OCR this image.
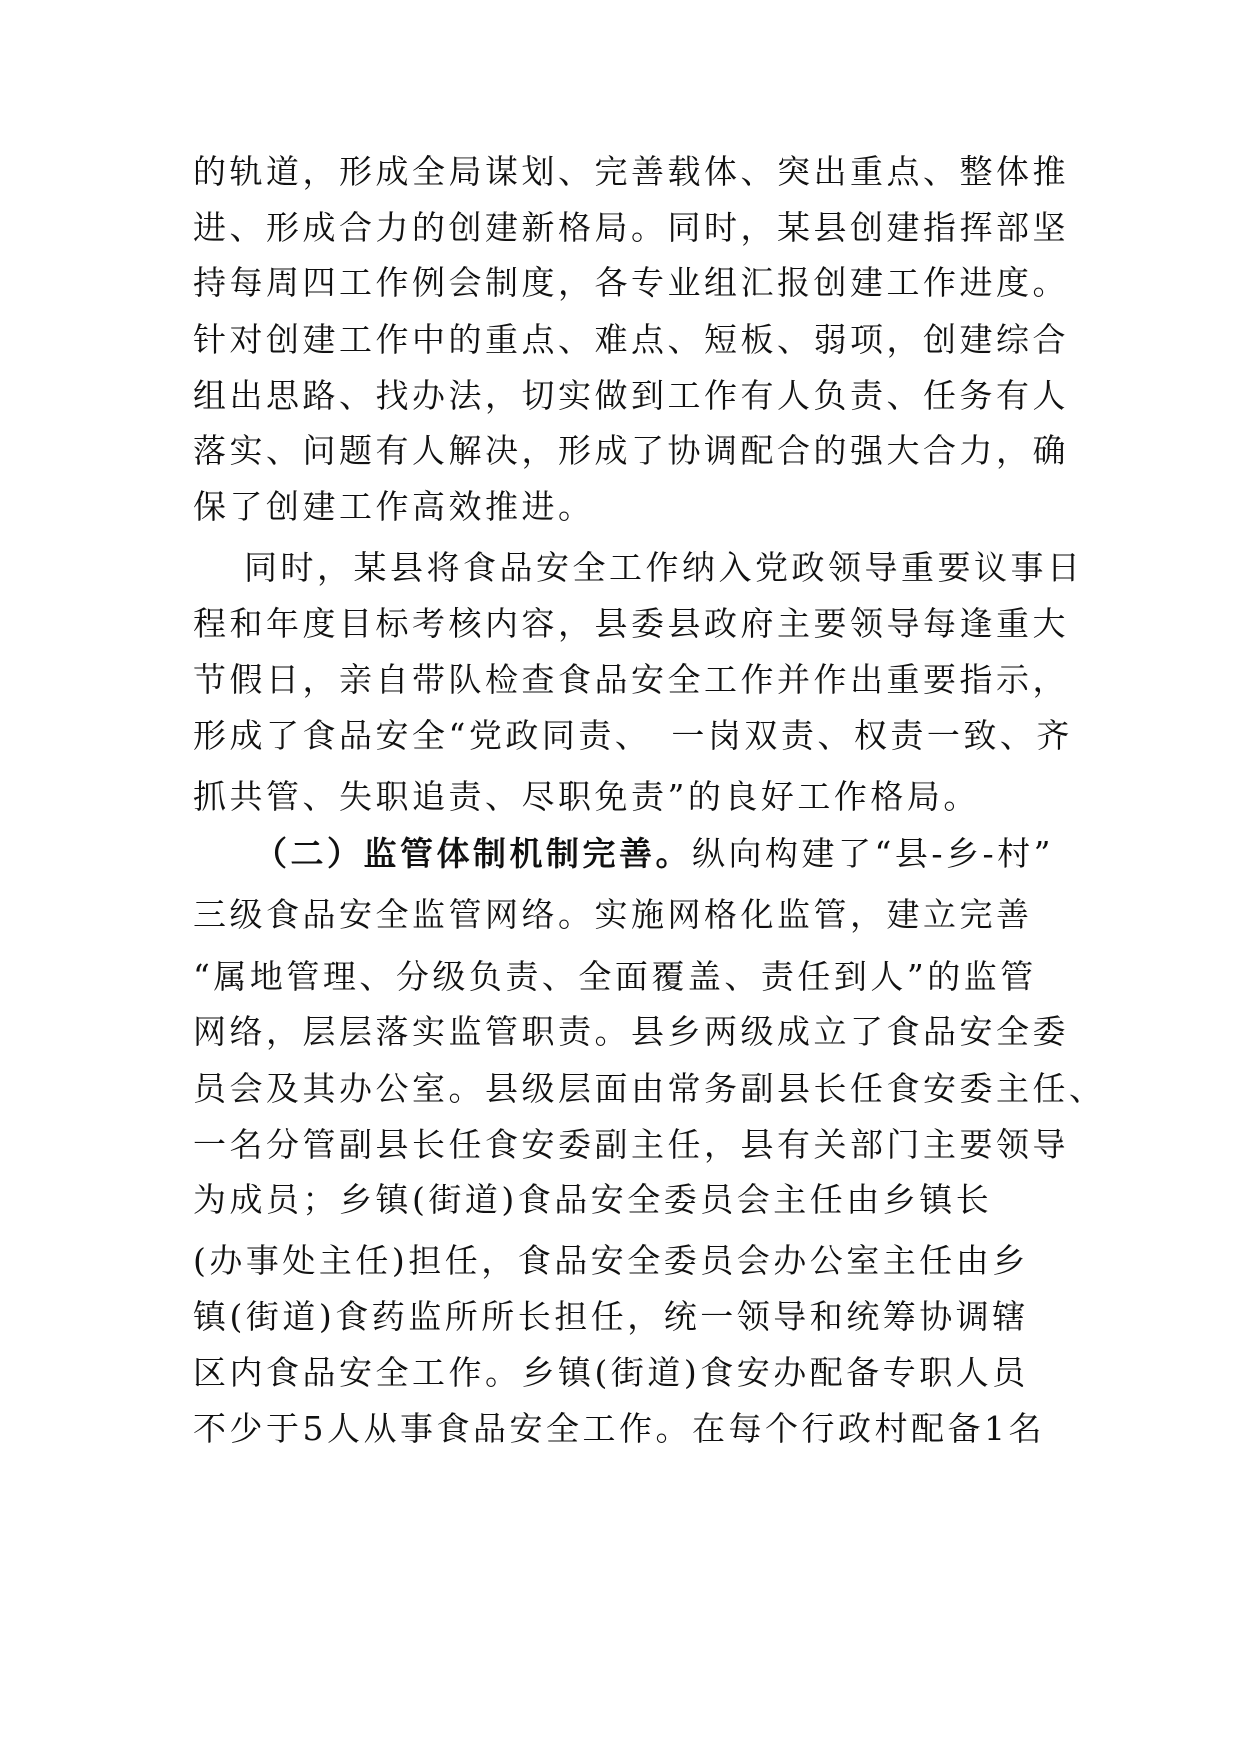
的轨道，形成全局谋划、完善载体、突出重点、整体推
进、形成合力的创建新格局。同时，某县创建指挥部坚
持每周四工作例会制度，各专业组汇报创建工作进度。
针对创建工作中的重点、难点、短板、弱项，创建综合
组出思路、找办法，切实做到工作有人负责、任务有人
落实、问题有人解决，形成了协调配合的强大合力，确
保了创建工作高效推进。
同时，某县将食品安全工作纳入党政领导重要议事日
程和年度目标考核内容，县委县政府主要领导每逢重大
节假日，亲自带队检查食品安全工作并作出重要指示，
形成了食品安全“党政同责、　一岗双责、权责一致、齐
抓共管、失职追责、尽职免责”的良好工作格局。
（二）监管体制机制完善。纵向构建了“县-乡-村”
三级食品安全监管网络。实施网格化监管，建立完善
“属地管理、分级负责、全面覆盖、责任到人”的监管
网络，层层落实监管职责。县乡两级成立了食品安全委
员会及其办公室。县级层面由常务副县长任食安委主任、
一名分管副县长任食安委副主任，县有关部门主要领导
为成员；乡镇(街道)食品安全委员会主任由乡镇长
(办事处主任)担任，食品安全委员会办公室主任由乡
镇(街道)食药监所所长担任，统一领导和统筹协调辖
区内食品安全工作。乡镇(街道)食安办配备专职人员
不少于5人从事食品安全工作。在每个行政村配备1名
